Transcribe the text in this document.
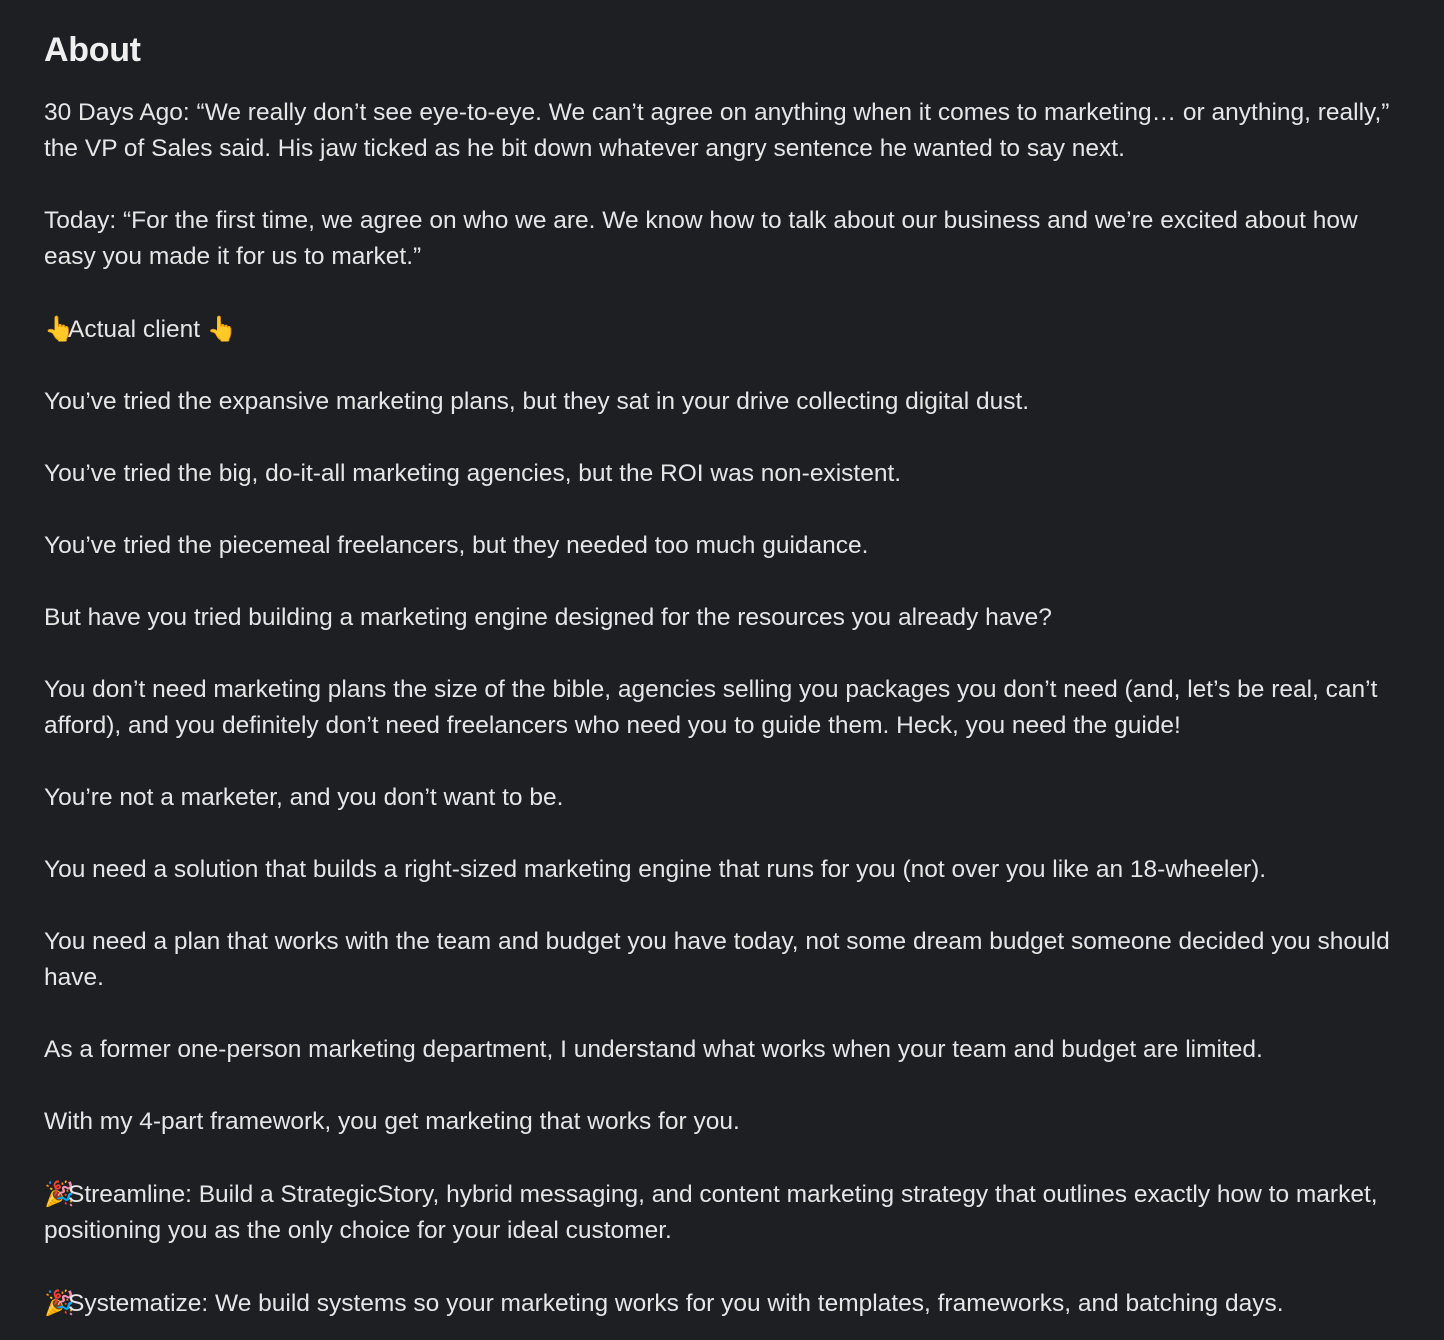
About

30 Days Ago: “We really don’t see eye-to-eye. We can’t agree on anything when it comes to marketing… or anything, really,” the VP of Sales said. His jaw ticked as he bit down whatever angry sentence he wanted to say next.

Today: “For the first time, we agree on who we are. We know how to talk about our business and we’re excited about how easy you made it for us to market.”

👆Actual client 👆

You’ve tried the expansive marketing plans, but they sat in your drive collecting digital dust.

You’ve tried the big, do-it-all marketing agencies, but the ROI was non-existent.

You’ve tried the piecemeal freelancers, but they needed too much guidance.

But have you tried building a marketing engine designed for the resources you already have?

You don’t need marketing plans the size of the bible, agencies selling you packages you don’t need (and, let’s be real, can’t afford), and you definitely don’t need freelancers who need you to guide them. Heck, you need the guide!

You’re not a marketer, and you don’t want to be.

You need a solution that builds a right-sized marketing engine that runs for you (not over you like an 18-wheeler).

You need a plan that works with the team and budget you have today, not some dream budget someone decided you should have.

As a former one-person marketing department, I understand what works when your team and budget are limited.

With my 4-part framework, you get marketing that works for you.

🎉Streamline: Build a StrategicStory, hybrid messaging, and content marketing strategy that outlines exactly how to market, positioning you as the only choice for your ideal customer.

🎉Systematize: We build systems so your marketing works for you with templates, frameworks, and batching days.
